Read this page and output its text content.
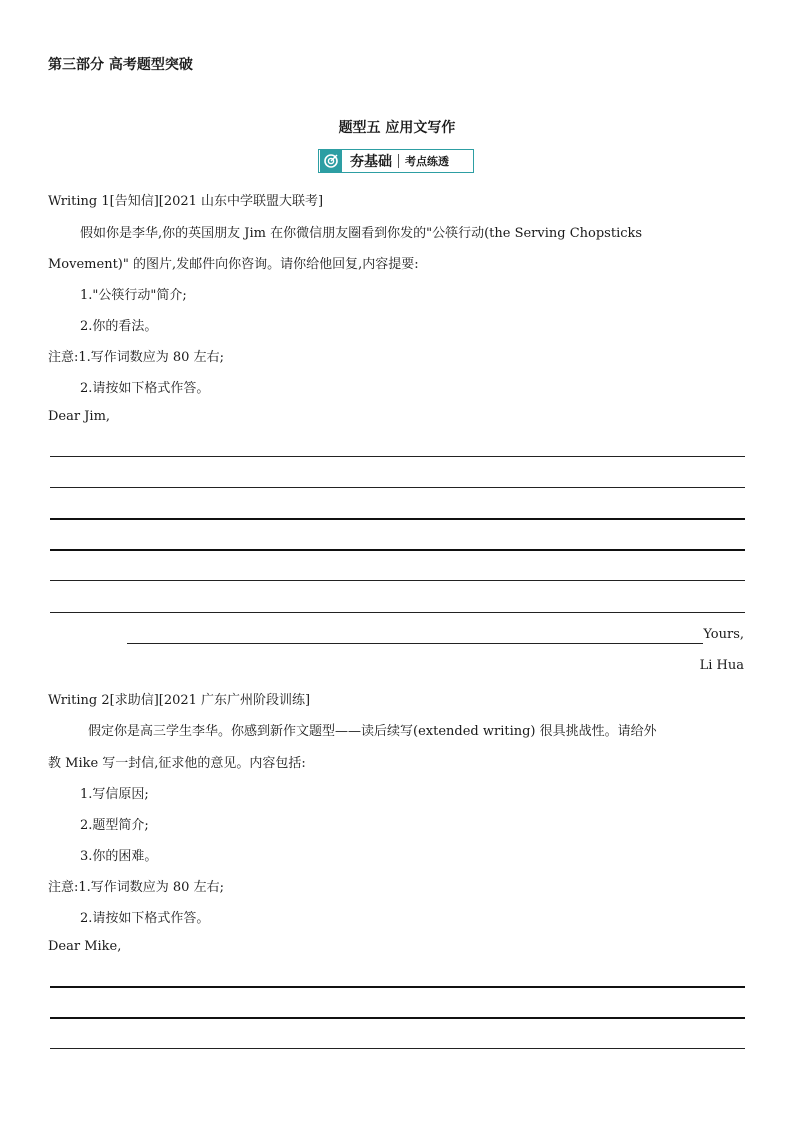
第三部分 高考题型突破
题型五 应用文写作
夯基础 考点练透
Writing 1[告知信][2021 山东中学联盟大联考]
假如你是李华,你的英国朋友 Jim 在你微信朋友圈看到你发的"公筷行动(the Serving Chopsticks
Movement)" 的图片,发邮件向你咨询。请你给他回复,内容提要:
1."公筷行动"简介;
2.你的看法。
注意:1.写作词数应为 80 左右;
2.请按如下格式作答。
Dear Jim,
Yours,
Li Hua
Writing 2[求助信][2021 广东广州阶段训练]
假定你是高三学生李华。你感到新作文题型——读后续写(extended writing) 很具挑战性。请给外
教 Mike 写一封信,征求他的意见。内容包括:
1.写信原因;
2.题型简介;
3.你的困难。
注意:1.写作词数应为 80 左右;
2.请按如下格式作答。
Dear Mike,
